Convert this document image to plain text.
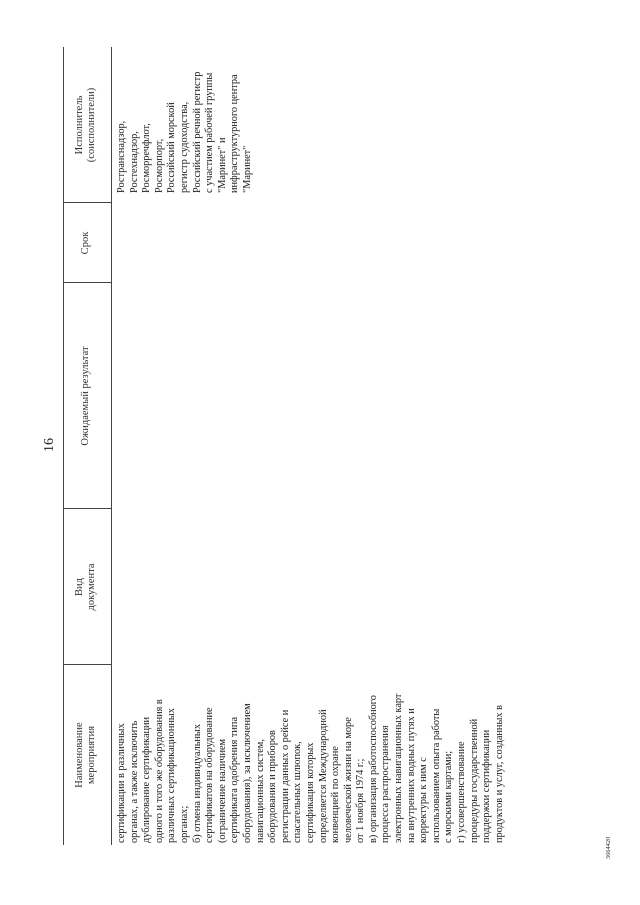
16
3664420
Наименование мероприятия
Вид документа
Ожидаемый результат
Срок
Исполнитель (соисполнители)
сертификации в различных органах, а также исключить дублирование сертификации одного и того же оборудования в различных сертификационных органах; б) отмена индивидуальных сертификатов на оборудование (ограничение наличием сертификата одобрения типа оборудования), за исключением навигационных систем, оборудования и приборов регистрации данных о рейсе и спасательных шлюпок, сертификация которых определяется Международной конвенцией по охране человеческой жизни на море от 1 ноября 1974 г.; в) организация работоспособного процесса распространения электронных навигационных карт на внутренних водных путях и корректуры к ним с использованием опыта работы с морскими картами; г) усовершенствование процедуры государственной поддержки сертификации продуктов и услуг, созданных в
Ространснадзор, Ростехнадзор, Росморречфлот, Росморпорт, Российский морской регистр судоходства, Российский речной регистр с участием рабочей группы "Маринет" и инфраструктурного центра "Маринет"
